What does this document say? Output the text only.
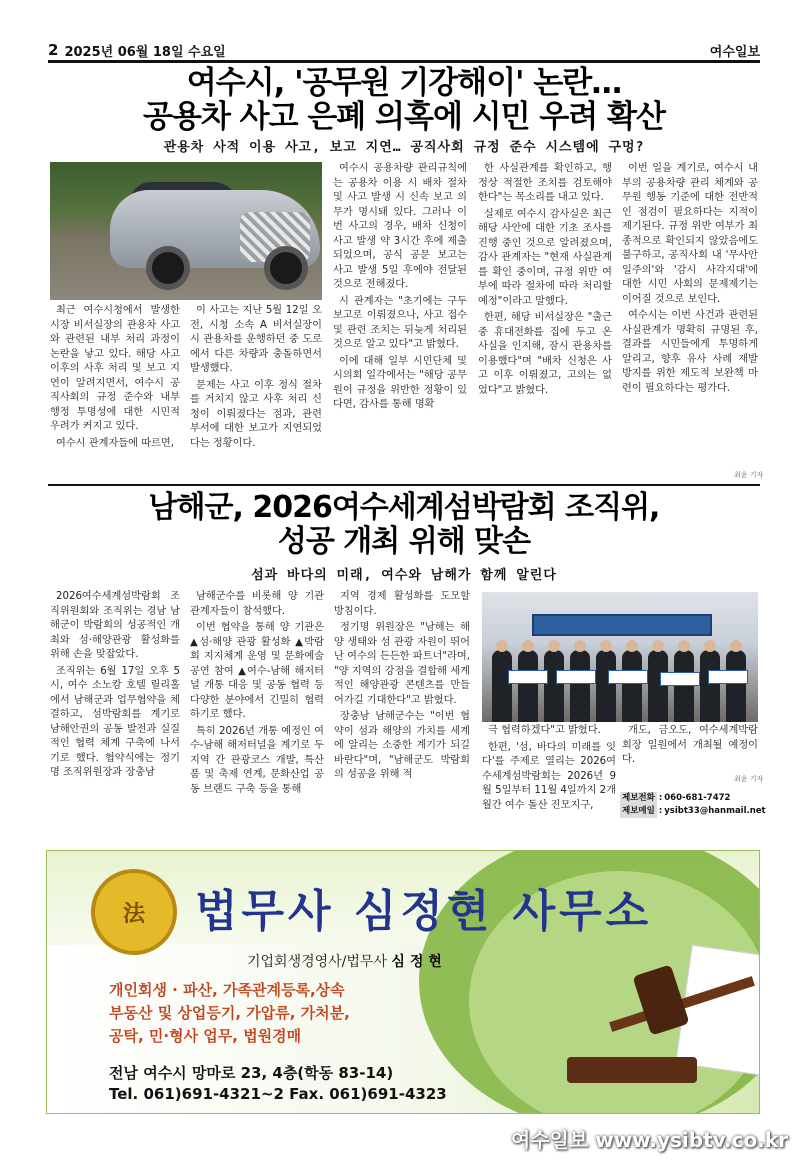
2 2025년 06월 18일 수요일	여수일보
여수시, '공무원 기강해이' 논란…
공용차 사고 은폐 의혹에 시민 우려 확산
관용차 사적 이용 사고, 보고 지연… 공직사회 규정 준수 시스템에 구멍?

최근 여수시청에서 발생한 시장 비서실장의 관용차 사고와 관련된 내부 처리 과정이 논란을 낳고 있다. 해당 사고 이후의 사후 처리 및 보고 지연이 알려지면서, 여수시 공직사회의 규정 준수와 내부 행정 투명성에 대한 시민적 우려가 커지고 있다.

여수시 관계자들에 따르면,

이 사고는 지난 5월 12일 오전, 시청 소속 A 비서실장이 시 관용차를 운행하던 중 도로에서 다른 차량과 충돌하면서 발생했다.

문제는 사고 이후 정식 절차를 거치지 않고 사후 처리 신청이 이뤄졌다는 점과, 관련 부서에 대한 보고가 지연되었다는 정황이다.

여수시 공용차량 관리규칙에는 공용차 이용 시 배차 절차 및 사고 발생 시 신속 보고 의무가 명시돼 있다. 그러나 이번 사고의 경우, 배차 신청이 사고 발생 약 3시간 후에 제출되었으며, 공식 공문 보고는 사고 발생 5일 후에야 전달된 것으로 전해졌다.

시 관계자는 "초기에는 구두 보고로 이뤄졌으나, 사고 접수 및 관련 조치는 뒤늦게 처리된 것으로 알고 있다"고 밝혔다.

이에 대해 일부 시민단체 및 시의회 일각에서는 "해당 공무원이 규정을 위반한 정황이 있다면, 감사를 통해 명확

한 사실관계를 확인하고, 행정상 적절한 조치를 검토해야 한다"는 목소리를 내고 있다.

실제로 여수시 감사실은 최근 해당 사안에 대한 기초 조사를 진행 중인 것으로 알려졌으며, 감사 관계자는 "현재 사실관계를 확인 중이며, 규정 위반 여부에 따라 절차에 따라 처리할 예정"이라고 말했다.

한편, 해당 비서실장은 "출근 중 휴대전화를 집에 두고 온 사실을 인지해, 잠시 관용차를 이용했다"며 "배차 신청은 사고 이후 이뤄졌고, 고의는 없었다"고 밝혔다.

이번 일을 계기로, 여수시 내부의 공용차량 관리 체계와 공무원 행동 기준에 대한 전반적인 점검이 필요하다는 지적이 제기된다. 규정 위반 여부가 최종적으로 확인되지 않았음에도 불구하고, 공직사회 내 '무사안일주의'와 '감시 사각지대'에 대한 시민 사회의 문제제기는 이어질 것으로 보인다.

여수시는 이번 사건과 관련된 사실관계가 명확히 규명된 후, 결과를 시민들에게 투명하게 알리고, 향후 유사 사례 재발 방지를 위한 제도적 보완책 마련이 필요하다는 평가다.

최윤 기자
남해군, 2026여수세계섬박람회 조직위,
성공 개최 위해 맞손
섬과 바다의 미래, 여수와 남해가 함께 알린다

2026여수세계섬박람회 조직위원회와 조직위는 경남 남해군이 박람회의 성공적인 개최와 섬·해양관광 활성화를 위해 손을 맞잡았다.

조직위는 6월 17일 오후 5시, 여수 소노캄 호텔 릴리홀에서 남해군과 업무협약을 체결하고, 섬박람회를 계기로 남해안권의 공동 발전과 실질적인 협력 체계 구축에 나서기로 했다. 협약식에는 정기명 조직위원장과 장충남

남해군수를 비롯해 양 기관 관계자들이 참석했다.

이번 협약을 통해 양 기관은 ▲섬·해양 관광 활성화 ▲박람회 지지체계 운영 및 문화예술 공연 참여 ▲여수-남해 해저터널 개통 대응 및 공동 협력 등 다양한 분야에서 긴밀히 협력하기로 했다.

특히 2026년 개통 예정인 여수-남해 해저터널을 계기로 두 지역 간 관광코스 개발, 특산품 및 축제 연계, 문화산업 공동 브랜드 구축 등을 통해

지역 경제 활성화를 도모할 방침이다.

정기명 위원장은 "남해는 해양 생태와 섬 관광 자원이 뛰어난 여수의 든든한 파트너"라며, "양 지역의 강점을 결합해 세계적인 해양관광 콘텐츠를 만들어가길 기대한다"고 밝혔다.

장충남 남해군수는 "이번 협약이 섬과 해양의 가치를 세계에 알리는 소중한 계기가 되길 바란다"며, "남해군도 박람회의 성공을 위해 적

극 협력하겠다"고 밝혔다.

한편, '섬, 바다의 미래를 잇다'를 주제로 열리는 2026여수세계섬박람회는 2026년 9월 5일부터 11월 4일까지 2개월간 여수 돌산 진모지구,

개도, 금오도, 여수세계박람회장 일원에서 개최될 예정이다.

최윤 기자
제보전화 : 060-681-7472
제보메일 : ysibt33@hanmail.net
法 법무사 심정현 사무소
기업회생경영사/법무사 심 정 현
개인회생 · 파산, 가족관계등록,상속
부동산 및 상업등기, 가압류, 가처분,
공탁, 민·형사 업무, 법원경매
전남 여수시 망마로 23, 4층(학동 83-14)
Tel. 061)691-4321~2 Fax. 061)691-4323
여수일보 www.ysibtv.co.kr
